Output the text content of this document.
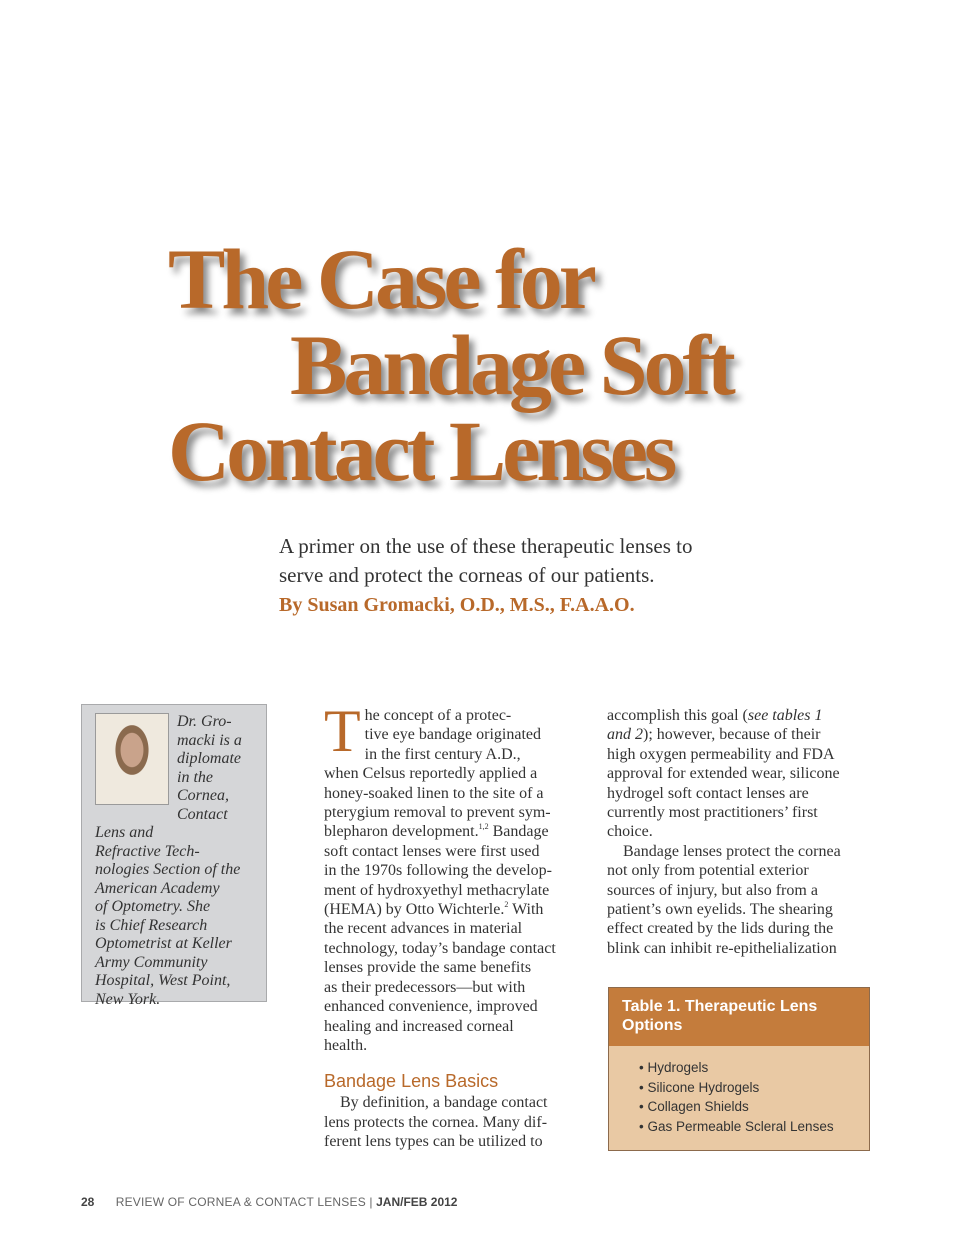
The Case for
Bandage Soft
Contact Lenses
A primer on the use of these therapeutic lenses to
serve and protect the corneas of our patients.
By Susan Gromacki, O.D., M.S., F.A.A.O.
Dr. Gro-
macki is a
diplomate
in the
Cornea,
Contact Lens and
Refractive Tech-
nologies Section of the
American Academy
of Optometry. She
is Chief Research
Optometrist at Keller
Army Community
Hospital, West Point,
New York.
T he concept of a protec-
tive eye bandage originated
in the first century A.D.,
when Celsus reportedly applied a
honey-soaked linen to the site of a
pterygium removal to prevent sym-
blepharon development.$^{1,2}$ Bandage
soft contact lenses were first used
in the 1970s following the develop-
ment of hydroxyethyl methacrylate
(HEMA) by Otto Wichterle.$^2$ With
the recent advances in material
technology, today’s bandage contact
lenses provide the same benefits
as their predecessors—but with
enhanced convenience, improved
healing and increased corneal
health.
Bandage Lens Basics
By definition, a bandage contact
lens protects the cornea. Many dif-
ferent lens types can be utilized to
accomplish this goal (see tables 1
and 2); however, because of their
high oxygen permeability and FDA
approval for extended wear, silicone
hydrogel soft contact lenses are
currently most practitioners’ first
choice.
Bandage lenses protect the cornea
not only from potential exterior
sources of injury, but also from a
patient’s own eyelids. The shearing
effect created by the lids during the
blink can inhibit re-epithelialization
Table 1. Therapeutic Lens
Options
• Hydrogels
• Silicone Hydrogels
• Collagen Shields
• Gas Permeable Scleral Lenses
28 REVIEW OF CORNEA & CONTACT LENSES | JAN/FEB 2012
